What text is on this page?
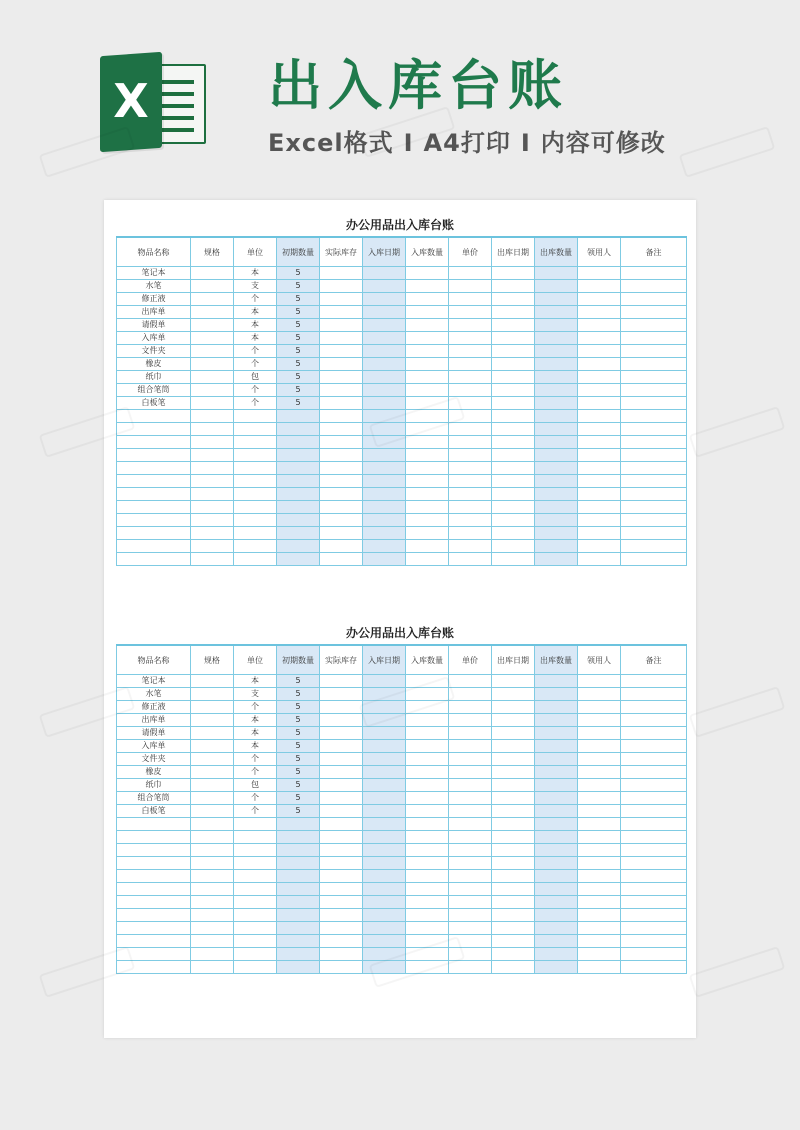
X 出入库台账

Excel格式 I A4打印 I 内容可修改

办公用品出入库台账
物品名称	规格	单位	初期数量	实际库存	入库日期	入库数量	单价	出库日期	出库数量	领用人	备注
笔记本		本	5								
水笔		支	5								
修正液		个	5								
出库单		本	5								
请假单		本	5								
入库单		本	5								
文件夹		个	5								
橡皮		个	5								
纸巾		包	5								
组合笔筒		个	5								
白板笔		个	5								

办公用品出入库台账
物品名称	规格	单位	初期数量	实际库存	入库日期	入库数量	单价	出库日期	出库数量	领用人	备注
笔记本		本	5								
水笔		支	5								
修正液		个	5								
出库单		本	5								
请假单		本	5								
入库单		本	5								
文件夹		个	5								
橡皮		个	5								
纸巾		包	5								
组合笔筒		个	5								
白板笔		个	5								
